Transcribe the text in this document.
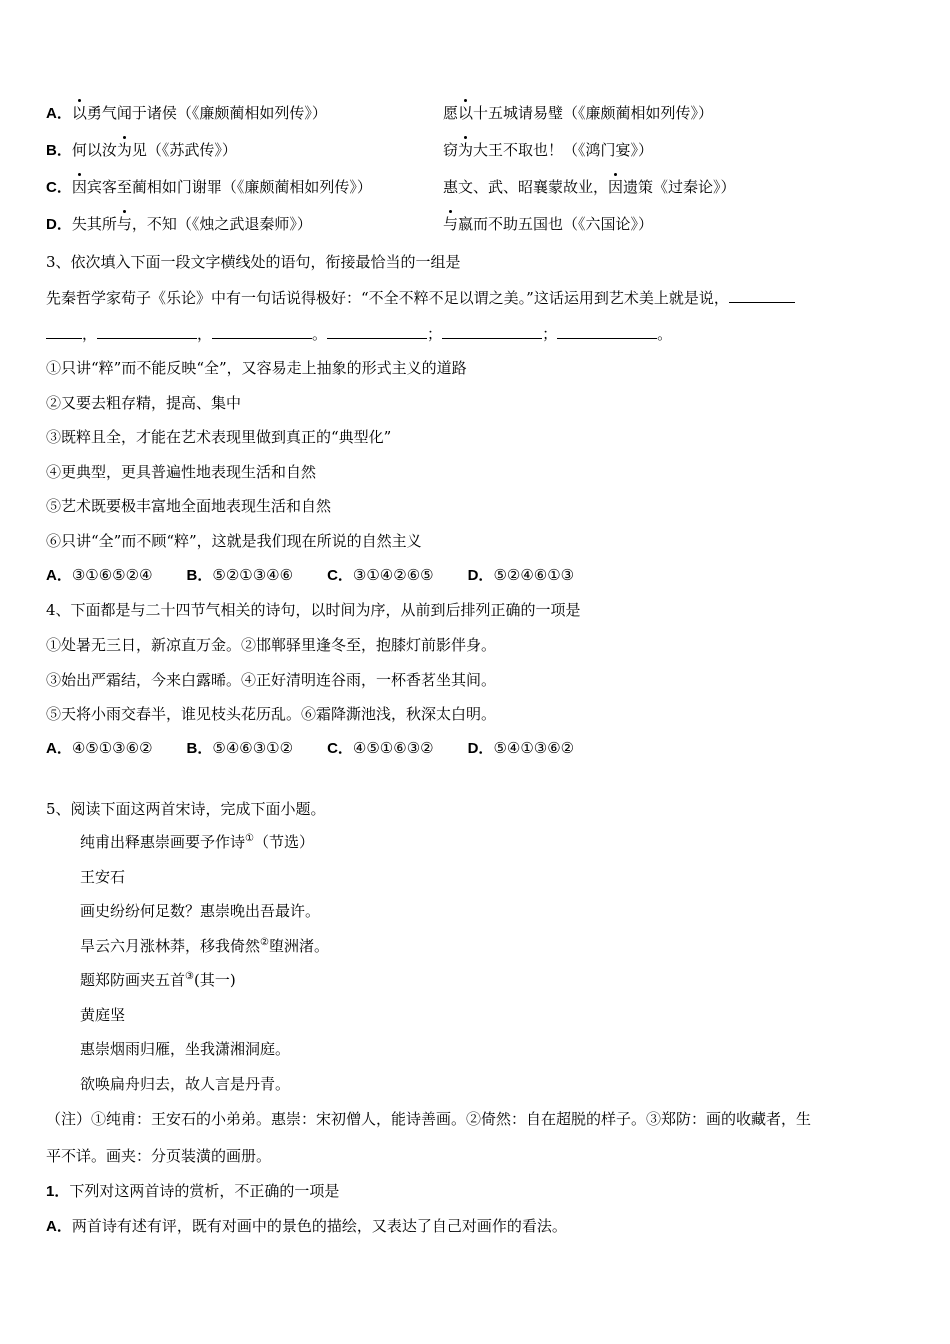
A．以勇气闻于诸侯（《廉颇蔺相如列传》）	愿以十五城请易璧（《廉颇蔺相如列传》）
B．何以汝为见（《苏武传》）	窃为大王不取也！（《鸿门宴》）
C．因宾客至蔺相如门谢罪（《廉颇蔺相如列传》）	惠文、武、昭襄蒙故业，因遗策《过秦论》）
D．失其所与，不知（《烛之武退秦师》）	与嬴而不助五国也（《六国论》）
3、依次填入下面一段文字横线处的语句，衔接最恰当的一组是
先秦哲学家荀子《乐论》中有一句话说得极好：“不全不粹不足以谓之美。”这话运用到艺术美上就是说，
，	，	。	；	；	。
①只讲“粹”而不能反映“全”，又容易走上抽象的形式主义的道路
②又要去粗存精，提高、集中
③既粹且全，才能在艺术表现里做到真正的“典型化”
④更典型，更具普遍性地表现生活和自然
⑤艺术既要极丰富地全面地表现生活和自然
⑥只讲“全”而不顾“粹”，这就是我们现在所说的自然主义
A．③①⑥⑤②④ B．⑤②①③④⑥ C．③①④②⑥⑤ D．⑤②④⑥①③
4、下面都是与二十四节气相关的诗句，以时间为序，从前到后排列正确的一项是
①处暑无三日，新凉直万金。②邯郸驿里逢冬至，抱膝灯前影伴身。
③始出严霜结，今来白露晞。④正好清明连谷雨，一杯香茗坐其间。
⑤天将小雨交春半，谁见枝头花历乱。⑥霜降澌池浅，秋深太白明。
A．④⑤①③⑥② B．⑤④⑥③①② C．④⑤①⑥③② D．⑤④①③⑥②
5、阅读下面这两首宋诗，完成下面小题。
纯甫出释惠崇画要予作诗①（节选）
王安石
画史纷纷何足数？惠崇晚出吾最许。
旱云六月涨林莽，移我倚然②堕洲渚。
题郑防画夹五首③(其一)
黄庭坚
惠崇烟雨归雁，坐我潇湘洞庭。
欲唤扁舟归去，故人言是丹青。
（注）①纯甫：王安石的小弟弟。惠崇：宋初僧人，能诗善画。②倚然：自在超脱的样子。③郑防：画的收藏者，生
平不详。画夹：分页装潢的画册。
1．下列对这两首诗的赏析，不正确的一项是
A．两首诗有述有评，既有对画中的景色的描绘，又表达了自己对画作的看法。
